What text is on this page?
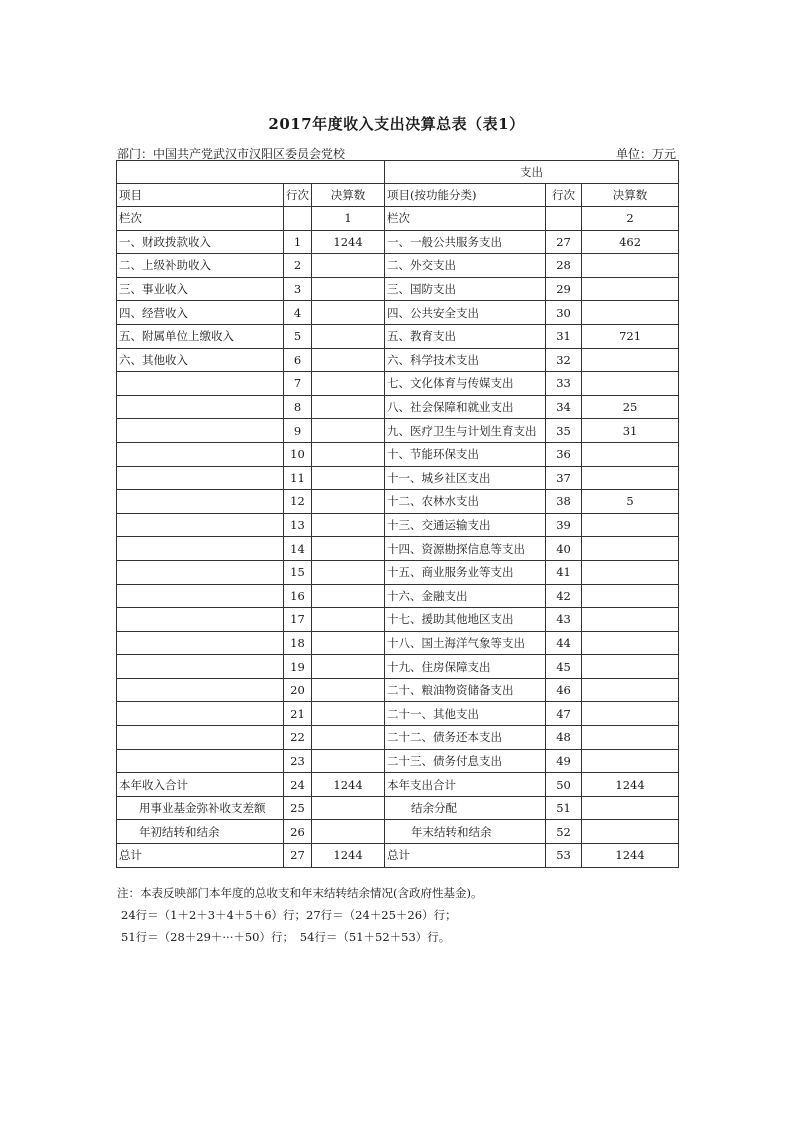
2017年度收入支出决算总表（表1）
部门：中国共产党武汉市汉阳区委员会党校	单位：万元
			支出		
项目	行次	决算数	项目(按功能分类)	行次	决算数
栏次		1	栏次		2
一、财政拨款收入	1	1244	一、一般公共服务支出	27	462
二、上级补助收入	2		二、外交支出	28	
三、事业收入	3		三、国防支出	29	
四、经营收入	4		四、公共安全支出	30	
五、附属单位上缴收入	5		五、教育支出	31	721
六、其他收入	6		六、科学技术支出	32	
	7		七、文化体育与传媒支出	33	
	8		八、社会保障和就业支出	34	25
	9		九、医疗卫生与计划生育支出	35	31
	10		十、节能环保支出	36	
	11		十一、城乡社区支出	37	
	12		十二、农林水支出	38	5
	13		十三、交通运输支出	39	
	14		十四、资源勘探信息等支出	40	
	15		十五、商业服务业等支出	41	
	16		十六、金融支出	42	
	17		十七、援助其他地区支出	43	
	18		十八、国土海洋气象等支出	44	
	19		十九、住房保障支出	45	
	20		二十、粮油物资储备支出	46	
	21		二十一、其他支出	47	
	22		二十二、债务还本支出	48	
	23		二十三、债务付息支出	49	
本年收入合计	24	1244	本年支出合计	50	1244
用事业基金弥补收支差额	25		结余分配	51	
年初结转和结余	26		年末结转和结余	52	
总计	27	1244	总计	53	1244
注：本表反映部门本年度的总收支和年末结转结余情况(含政府性基金)。
24行＝（1＋2＋3＋4＋5＋6）行；27行＝（24＋25＋26）行；
51行＝（28＋29＋···＋50）行；　54行＝（51＋52＋53）行。
